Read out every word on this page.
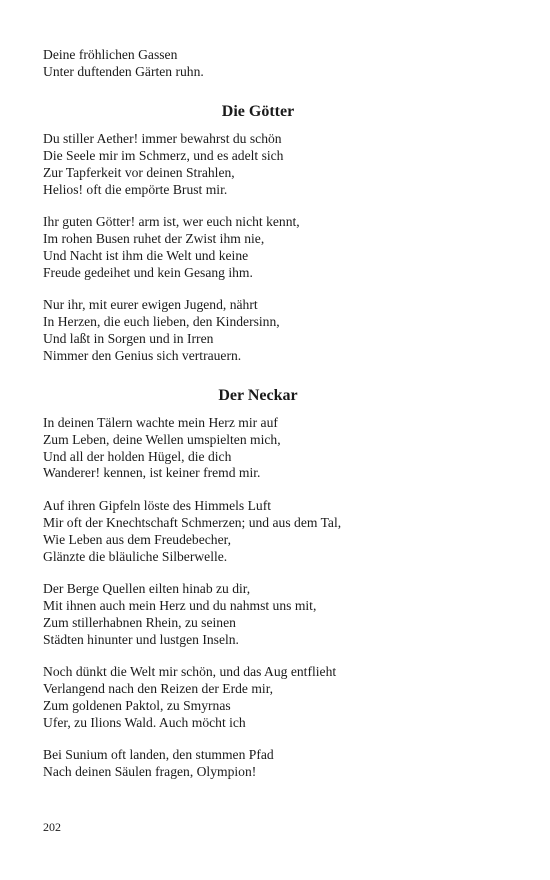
Deine fröhlichen Gassen
Unter duftenden Gärten ruhn.
Die Götter
Du stiller Aether! immer bewahrst du schön
Die Seele mir im Schmerz, und es adelt sich
Zur Tapferkeit vor deinen Strahlen,
Helios! oft die empörte Brust mir.
Ihr guten Götter! arm ist, wer euch nicht kennt,
Im rohen Busen ruhet der Zwist ihm nie,
Und Nacht ist ihm die Welt und keine
Freude gedeihet und kein Gesang ihm.
Nur ihr, mit eurer ewigen Jugend, nährt
In Herzen, die euch lieben, den Kindersinn,
Und laßt in Sorgen und in Irren
Nimmer den Genius sich vertrauern.
Der Neckar
In deinen Tälern wachte mein Herz mir auf
Zum Leben, deine Wellen umspielten mich,
Und all der holden Hügel, die dich
Wanderer! kennen, ist keiner fremd mir.
Auf ihren Gipfeln löste des Himmels Luft
Mir oft der Knechtschaft Schmerzen; und aus dem Tal,
Wie Leben aus dem Freudebecher,
Glänzte die bläuliche Silberwelle.
Der Berge Quellen eilten hinab zu dir,
Mit ihnen auch mein Herz und du nahmst uns mit,
Zum stillerhabnen Rhein, zu seinen
Städten hinunter und lustgen Inseln.
Noch dünkt die Welt mir schön, und das Aug entflieht
Verlangend nach den Reizen der Erde mir,
Zum goldenen Paktol, zu Smyrnas
Ufer, zu Ilions Wald. Auch möcht ich
Bei Sunium oft landen, den stummen Pfad
Nach deinen Säulen fragen, Olympion!
202
